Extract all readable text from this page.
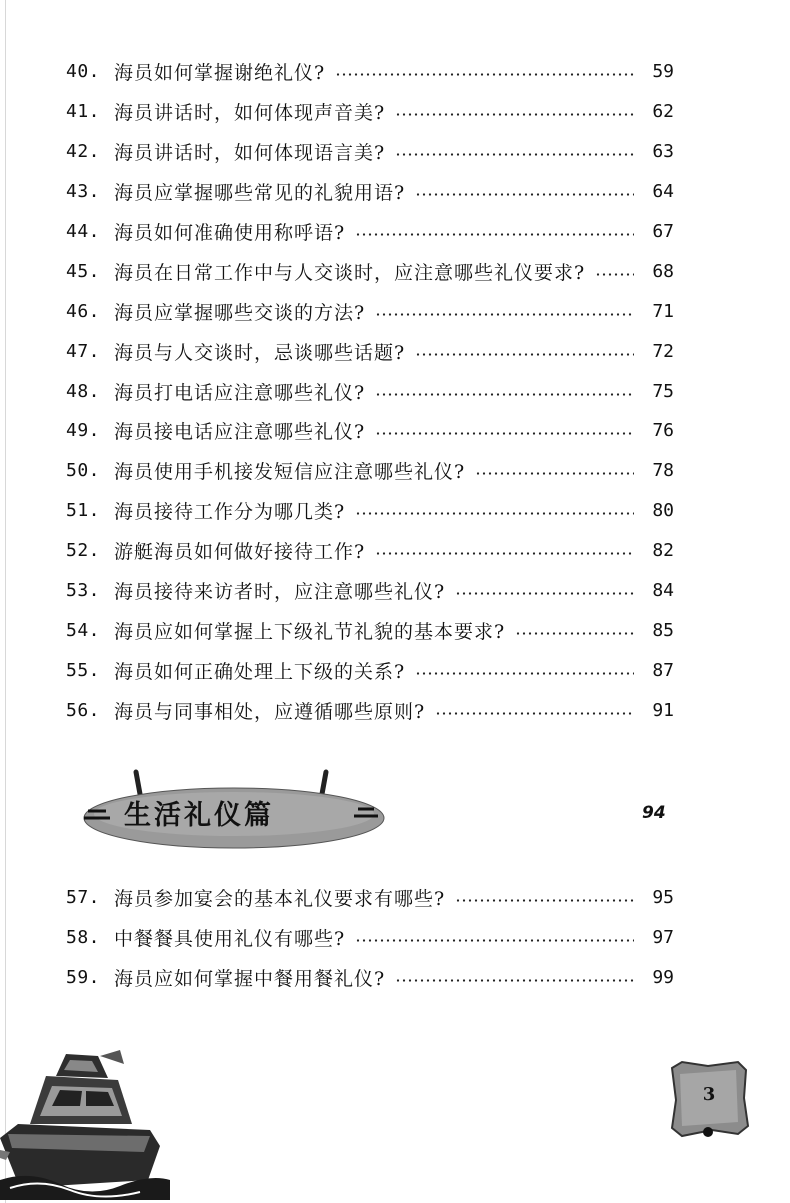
40. 海员如何掌握谢绝礼仪?	59
41. 海员讲话时，如何体现声音美?	62
42. 海员讲话时，如何体现语言美?	63
43. 海员应掌握哪些常见的礼貌用语?	64
44. 海员如何准确使用称呼语?	67
45. 海员在日常工作中与人交谈时，应注意哪些礼仪要求?	68
46. 海员应掌握哪些交谈的方法?	71
47. 海员与人交谈时，忌谈哪些话题?	72
48. 海员打电话应注意哪些礼仪?	75
49. 海员接电话应注意哪些礼仪?	76
50. 海员使用手机接发短信应注意哪些礼仪?	78
51. 海员接待工作分为哪几类?	80
52. 游艇海员如何做好接待工作?	82
53. 海员接待来访者时，应注意哪些礼仪?	84
54. 海员应如何掌握上下级礼节礼貌的基本要求?	85
55. 海员如何正确处理上下级的关系?	87
56. 海员与同事相处，应遵循哪些原则?	91
生活礼仪篇	94
57. 海员参加宴会的基本礼仪要求有哪些?	95
58. 中餐餐具使用礼仪有哪些?	97
59. 海员应如何掌握中餐用餐礼仪?	99
3
